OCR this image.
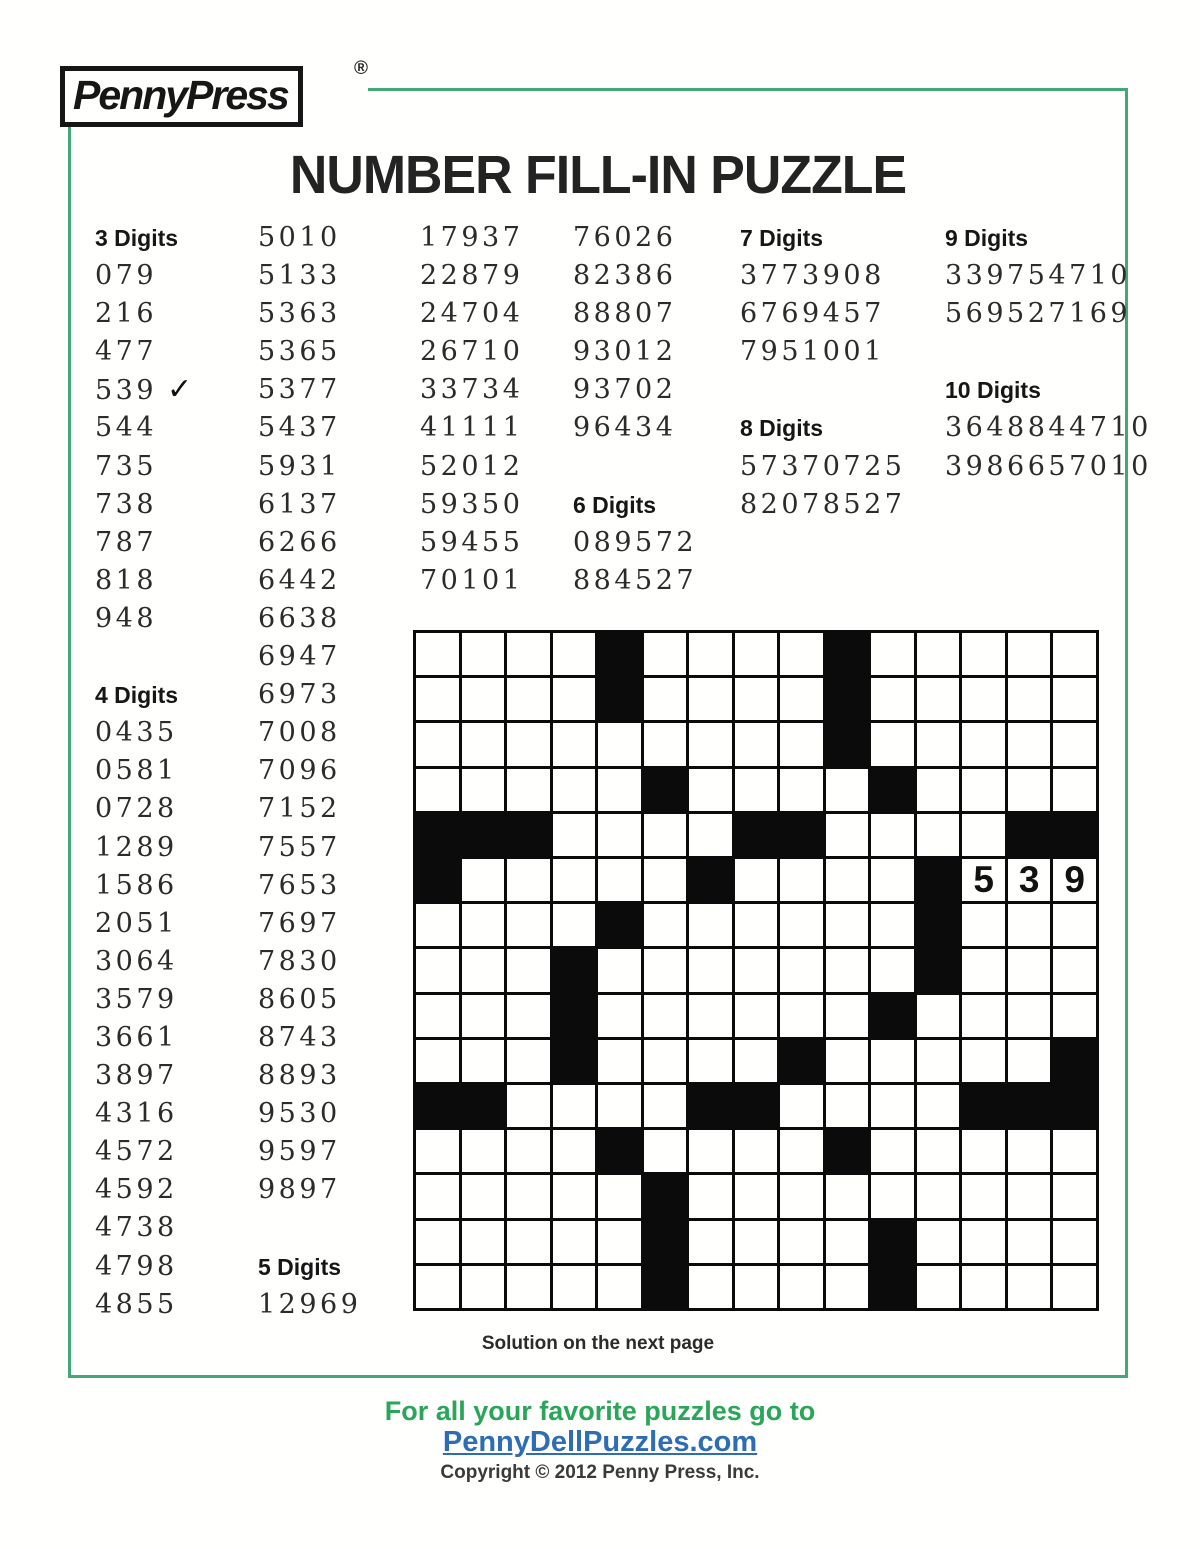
PennyPress
®
NUMBER FILL-IN PUZZLE
3 Digits
079
216
477
539 ✓
544
735
738
787
818
948
4 Digits
0435
0581
0728
1289
1586
2051
3064
3579
3661
3897
4316
4572
4592
4738
4798
4855
5010
5133
5363
5365
5377
5437
5931
6137
6266
6442
6638
6947
6973
7008
7096
7152
7557
7653
7697
7830
8605
8743
8893
9530
9597
9897
5 Digits
12969
17937
22879
24704
26710
33734
41111
52012
59350
59455
70101
76026
82386
88807
93012
93702
96434
6 Digits
089572
884527
7 Digits
3773908
6769457
7951001
8 Digits
57370725
82078527
9 Digits
339754710
569527169
10 Digits
3648844710
3986657010
5 3 9
Solution on the next page
For all your favorite puzzles go to
PennyDellPuzzles.com
Copyright © 2012 Penny Press, Inc.
